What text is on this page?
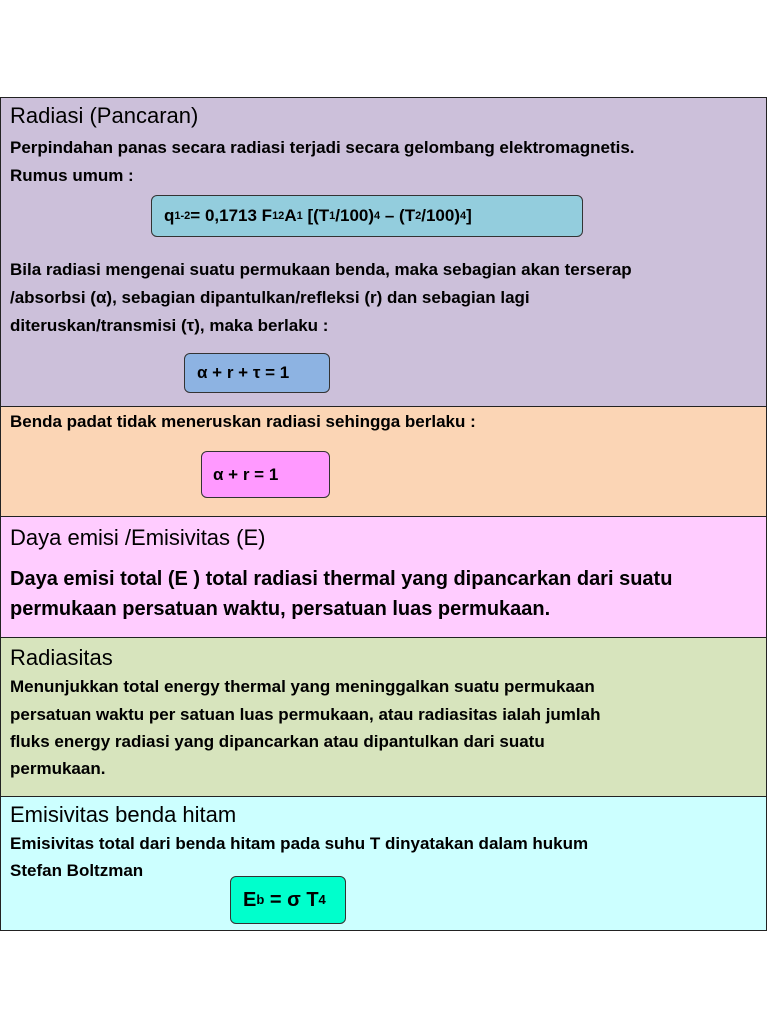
Radiasi (Pancaran)

Perpindahan panas secara radiasi terjadi secara gelombang elektromagnetis.

Rumus umum :

q 1-2 = 0,1713 F 12 A 1 [(T 1 /100) 4 – (T 2 /100) 4 ]

Bila radiasi mengenai suatu permukaan benda, maka sebagian akan terserap

/absorbsi (α), sebagian dipantulkan/refleksi (r) dan sebagian lagi

diteruskan/transmisi (τ), maka berlaku :

α + r + τ = 1

Benda padat tidak meneruskan radiasi sehingga berlaku :

α + r = 1
Daya emisi /Emisivitas (E)

Daya emisi total (E ) total radiasi thermal yang dipancarkan dari suatu

permukaan persatuan waktu, persatuan luas permukaan.

Radiasitas

Menunjukkan total energy thermal yang meninggalkan suatu permukaan

persatuan waktu per satuan luas permukaan, atau radiasitas ialah jumlah

fluks energy radiasi yang dipancarkan atau dipantulkan dari suatu

permukaan.

Emisivitas benda hitam

Emisivitas total dari benda hitam pada suhu T dinyatakan dalam hukum

Stefan Boltzman

E b = σ T 4
